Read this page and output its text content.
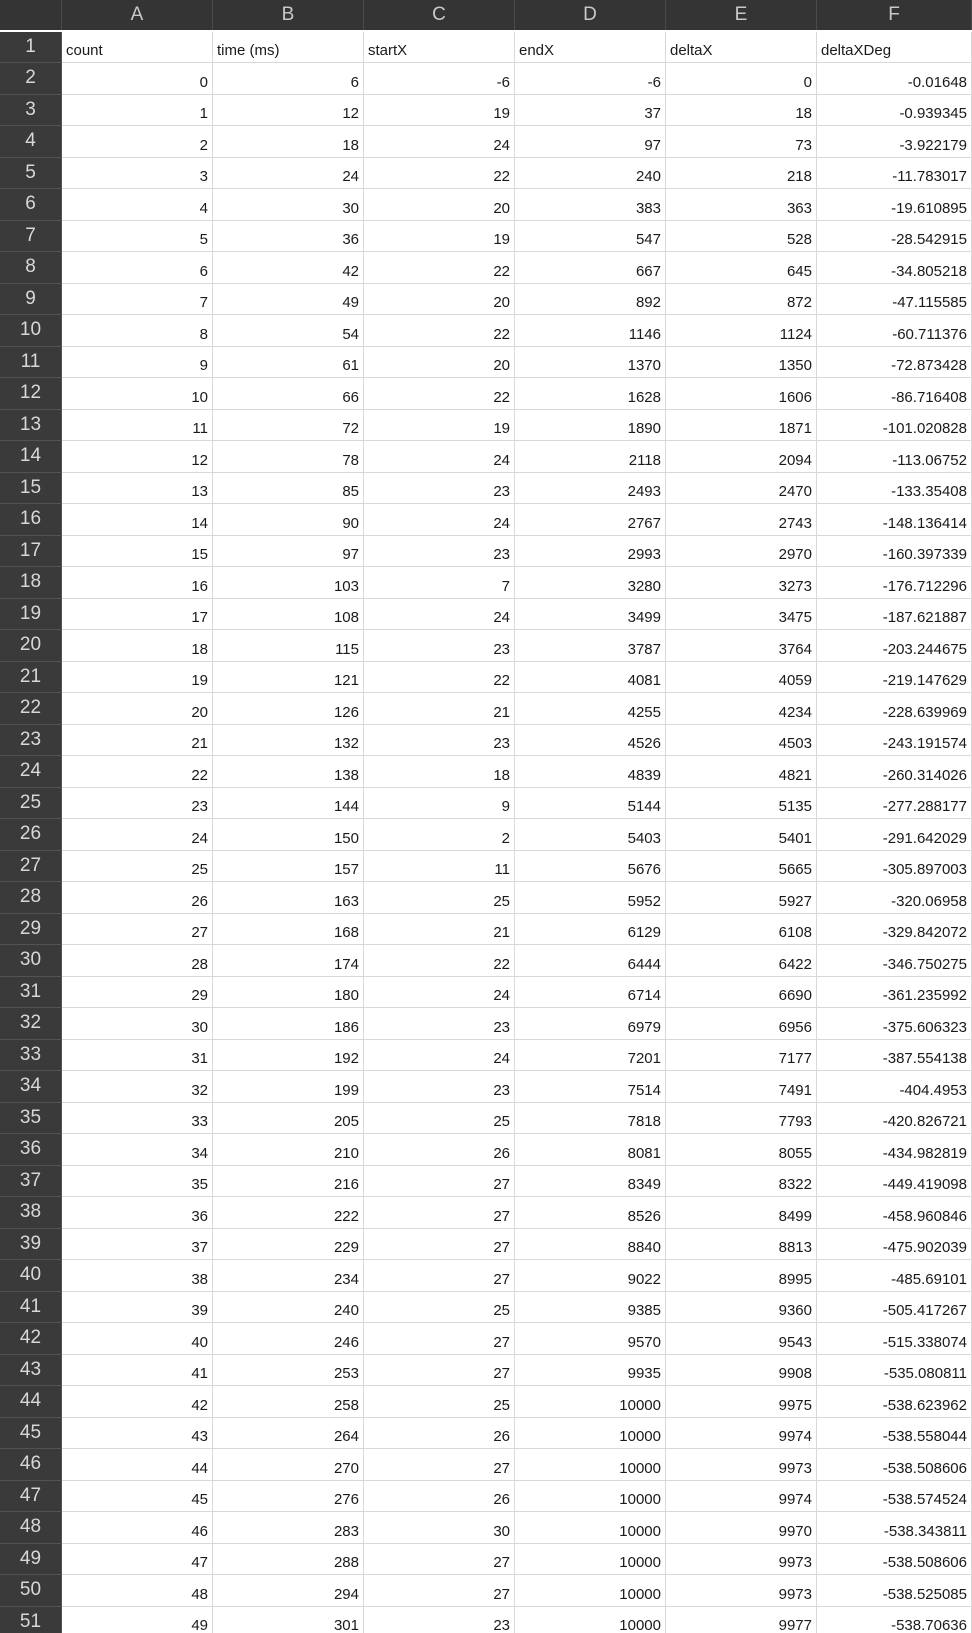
A	B	C	D	E	F
1	count	time (ms)	startX	endX	deltaX	deltaXDeg
2	0	6	-6	-6	0	-0.01648
3	1	12	19	37	18	-0.939345
4	2	18	24	97	73	-3.922179
5	3	24	22	240	218	-11.783017
6	4	30	20	383	363	-19.610895
7	5	36	19	547	528	-28.542915
8	6	42	22	667	645	-34.805218
9	7	49	20	892	872	-47.115585
10	8	54	22	1146	1124	-60.711376
11	9	61	20	1370	1350	-72.873428
12	10	66	22	1628	1606	-86.716408
13	11	72	19	1890	1871	-101.020828
14	12	78	24	2118	2094	-113.06752
15	13	85	23	2493	2470	-133.35408
16	14	90	24	2767	2743	-148.136414
17	15	97	23	2993	2970	-160.397339
18	16	103	7	3280	3273	-176.712296
19	17	108	24	3499	3475	-187.621887
20	18	115	23	3787	3764	-203.244675
21	19	121	22	4081	4059	-219.147629
22	20	126	21	4255	4234	-228.639969
23	21	132	23	4526	4503	-243.191574
24	22	138	18	4839	4821	-260.314026
25	23	144	9	5144	5135	-277.288177
26	24	150	2	5403	5401	-291.642029
27	25	157	11	5676	5665	-305.897003
28	26	163	25	5952	5927	-320.06958
29	27	168	21	6129	6108	-329.842072
30	28	174	22	6444	6422	-346.750275
31	29	180	24	6714	6690	-361.235992
32	30	186	23	6979	6956	-375.606323
33	31	192	24	7201	7177	-387.554138
34	32	199	23	7514	7491	-404.4953
35	33	205	25	7818	7793	-420.826721
36	34	210	26	8081	8055	-434.982819
37	35	216	27	8349	8322	-449.419098
38	36	222	27	8526	8499	-458.960846
39	37	229	27	8840	8813	-475.902039
40	38	234	27	9022	8995	-485.69101
41	39	240	25	9385	9360	-505.417267
42	40	246	27	9570	9543	-515.338074
43	41	253	27	9935	9908	-535.080811
44	42	258	25	10000	9975	-538.623962
45	43	264	26	10000	9974	-538.558044
46	44	270	27	10000	9973	-538.508606
47	45	276	26	10000	9974	-538.574524
48	46	283	30	10000	9970	-538.343811
49	47	288	27	10000	9973	-538.508606
50	48	294	27	10000	9973	-538.525085
51	49	301	23	10000	9977	-538.70636
